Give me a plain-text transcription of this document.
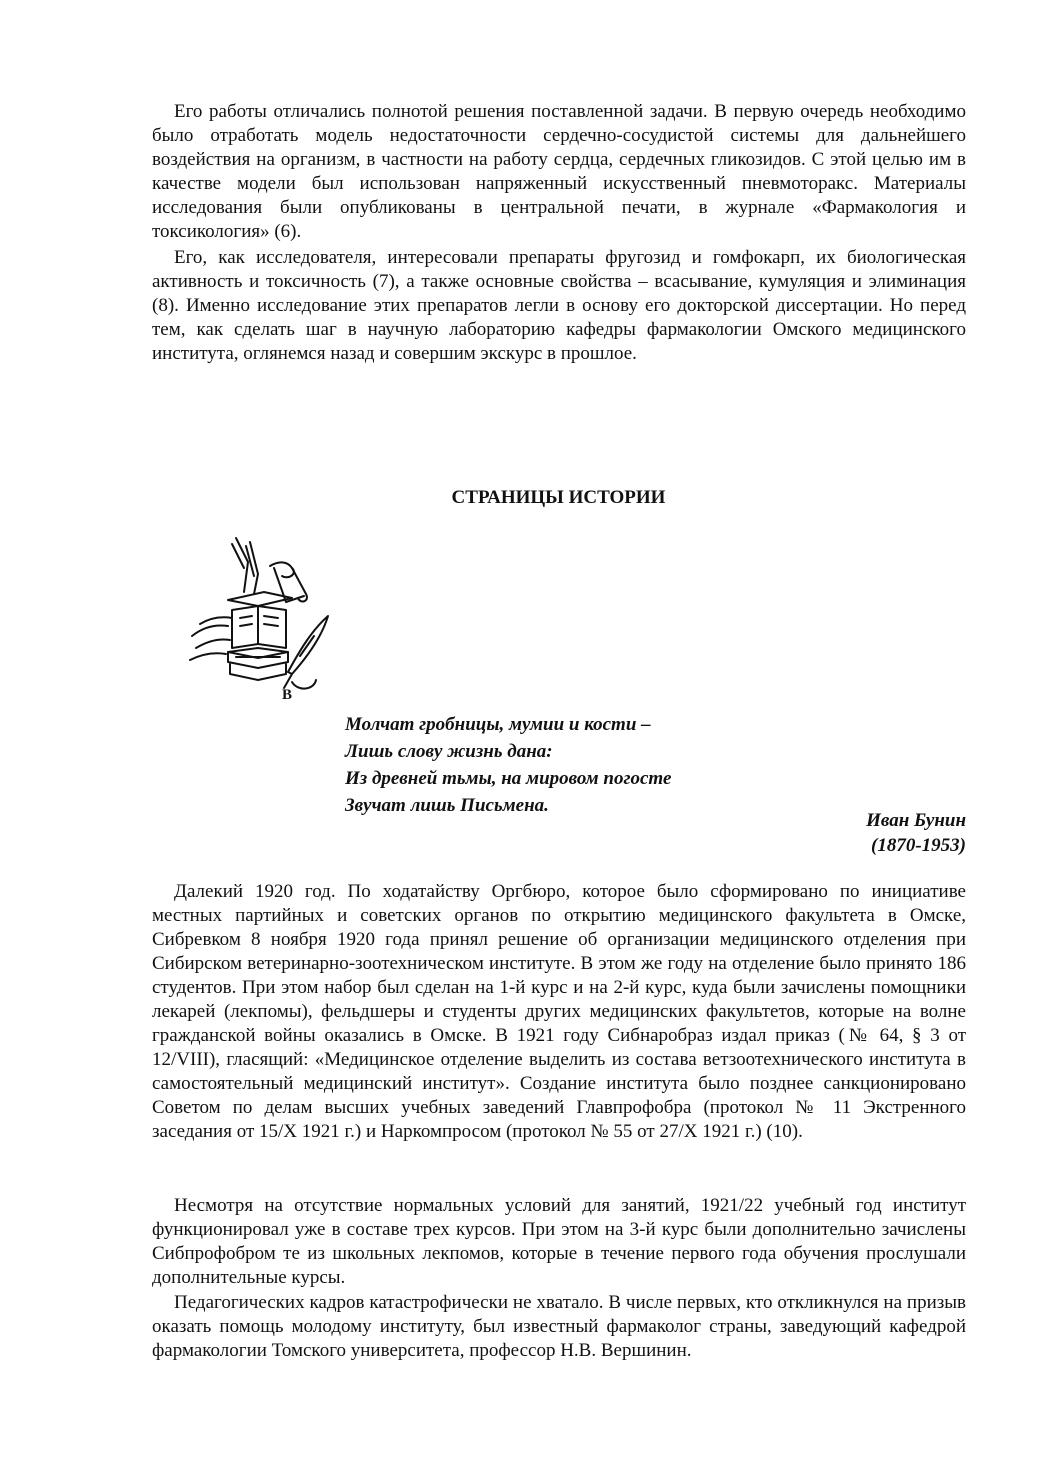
Его работы отличались полнотой решения поставленной задачи. В первую очередь необходимо было отработать модель недостаточности сердечно-сосудистой системы для дальнейшего воздействия на организм, в частности на работу сердца, сердечных гликозидов. С этой целью им в качестве модели был использован напряженный искусственный пневмоторакс. Материалы исследования были опубликованы в центральной печати, в журнале «Фармакология и токсикология» (6).

Его, как исследователя, интересовали препараты фругозид и гомфокарп, их биологическая активность и токсичность (7), а также основные свойства – всасывание, кумуляция и элиминация (8). Именно исследование этих препаратов легли в основу его докторской диссертации. Но перед тем, как сделать шаг в научную лабораторию кафедры фармакологии Омского медицинского института, оглянемся назад и совершим экскурс в прошлое.

СТРАНИЦЫ ИСТОРИИ
В
Молчат гробницы, мумии и кости –
Лишь слову жизнь дана:
Из древней тьмы, на мировом погосте
Звучат лишь Письмена.
Иван Бунин
(1870-1953)

Далекий 1920 год. По ходатайству Оргбюро, которое было сформировано по инициативе местных партийных и советских органов по открытию медицинского факультета в Омске, Сибревком 8 ноября 1920 года принял решение об организации медицинского отделения при Сибирском ветеринарно-зоотехническом институте. В этом же году на отделение было принято 186 студентов. При этом набор был сделан на 1-й курс и на 2-й курс, куда были зачислены помощники лекарей (лекпомы), фельдшеры и студенты других медицинских факультетов, которые на волне гражданской войны оказались в Омске. В 1921 году Сибнаробраз издал приказ (№ 64, § 3 от 12/VIII), гласящий: «Медицинское отделение выделить из состава ветзоотехнического института в самостоятельный медицинский институт». Создание института было позднее санкционировано Советом по делам высших учебных заведений Главпрофобра (протокол № 11 Экстренного заседания от 15/X 1921 г.) и Наркомпросом (протокол № 55 от 27/X 1921 г.) (10).

Несмотря на отсутствие нормальных условий для занятий, 1921/22 учебный год институт функционировал уже в составе трех курсов. При этом на 3-й курс были дополнительно зачислены Сибпрофобром те из школьных лекпомов, которые в течение первого года обучения прослушали дополнительные курсы.

Педагогических кадров катастрофически не хватало. В числе первых, кто откликнулся на призыв оказать помощь молодому институту, был известный фармаколог страны, заведующий кафедрой фармакологии Томского университета, профессор Н.В. Вершинин.
